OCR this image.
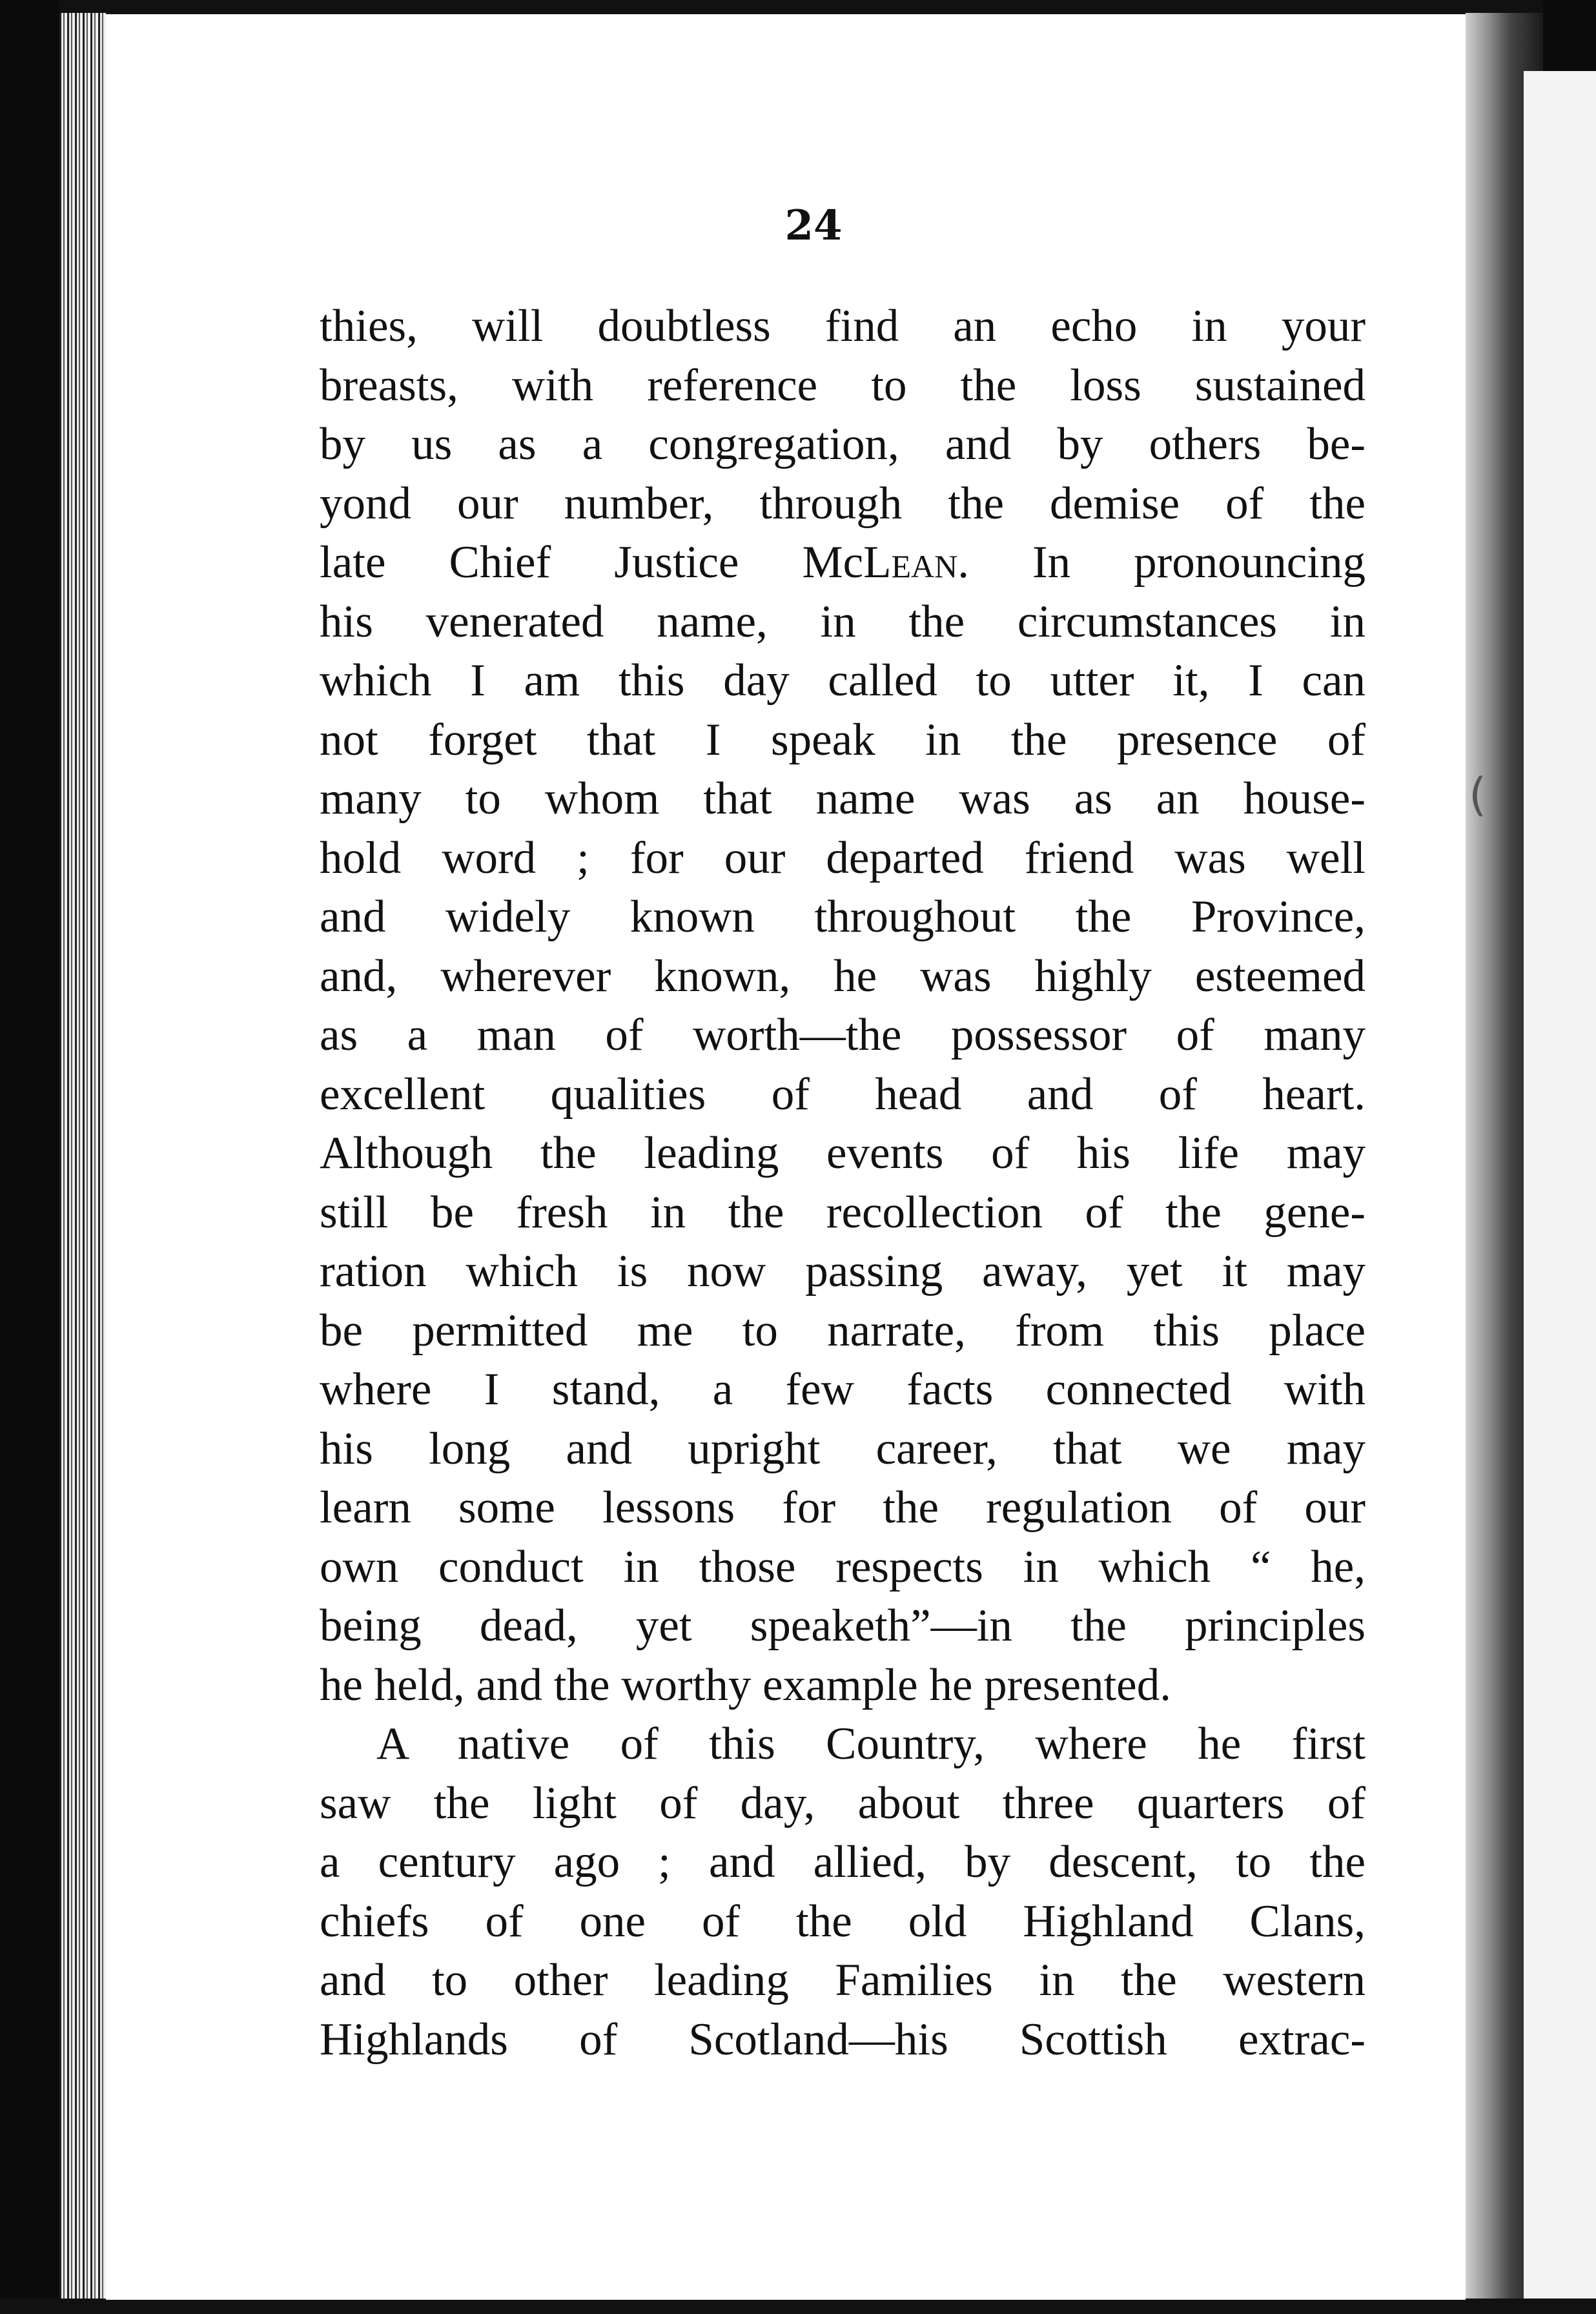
24
thies, will doubtless find an echo in your
breasts, with reference to the loss sustained
by us as a congregation, and by others be-
yond our number, through the demise of the
late Chief Justice McLean. In pronouncing
his venerated name, in the circumstances in
which I am this day called to utter it, I can
not forget that I speak in the presence of
many to whom that name was as an house-
hold word ; for our departed friend was well
and widely known throughout the Province,
and, wherever known, he was highly esteemed
as a man of worth—the possessor of many
excellent qualities of head and of heart.
Although the leading events of his life may
still be fresh in the recollection of the gene-
ration which is now passing away, yet it may
be permitted me to narrate, from this place
where I stand, a few facts connected with
his long and upright career, that we may
learn some lessons for the regulation of our
own conduct in those respects in which “ he,
being dead, yet speaketh”—in the principles
he held, and the worthy example he presented.
A native of this Country, where he first
saw the light of day, about three quarters of
a century ago ; and allied, by descent, to the
chiefs of one of the old Highland Clans,
and to other leading Families in the western
Highlands of Scotland—his Scottish extrac-
(
